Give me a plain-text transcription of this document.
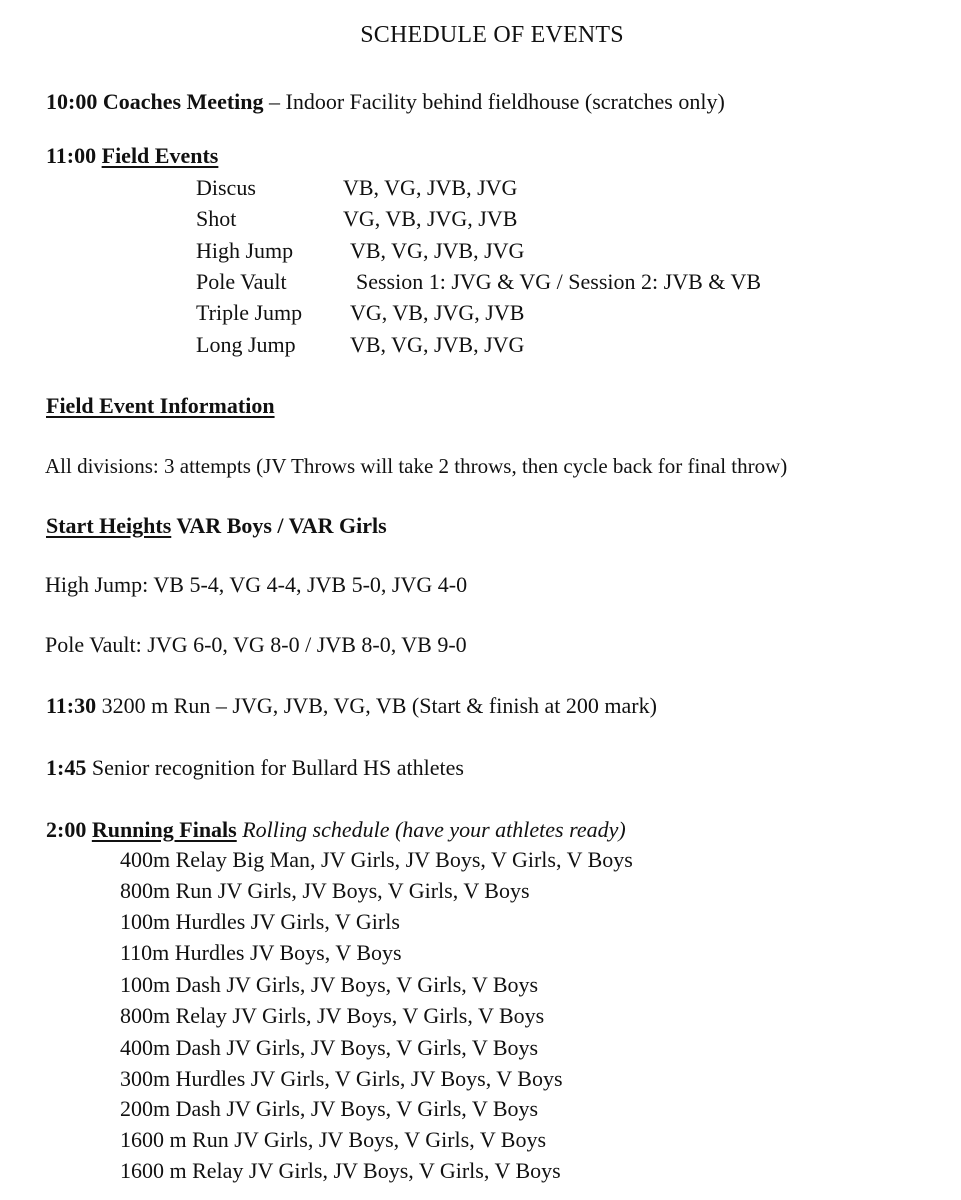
SCHEDULE OF EVENTS
10:00 Coaches Meeting – Indoor Facility behind fieldhouse (scratches only)
11:00 Field Events
Discus	VB, VG, JVB, JVG
Shot	VG, VB, JVG, JVB
High Jump	VB, VG, JVB, JVG
Pole Vault	Session 1: JVG & VG / Session 2: JVB & VB
Triple Jump VG, VB, JVG, JVB
Long Jump VB, VG, JVB, JVG
Field Event Information
All divisions: 3 attempts (JV Throws will take 2 throws, then cycle back for final throw)
Start Heights VAR Boys / VAR Girls
High Jump: VB 5-4, VG 4-4, JVB 5-0, JVG 4-0
Pole Vault: JVG 6-0, VG 8-0 / JVB 8-0, VB 9-0
11:30 3200 m Run – JVG, JVB, VG, VB (Start & finish at 200 mark)
1:45 Senior recognition for Bullard HS athletes
2:00 Running Finals Rolling schedule (have your athletes ready)
400m Relay Big Man, JV Girls, JV Boys, V Girls, V Boys
800m Run JV Girls, JV Boys, V Girls, V Boys
100m Hurdles JV Girls, V Girls
110m Hurdles JV Boys, V Boys
100m Dash JV Girls, JV Boys, V Girls, V Boys
800m Relay JV Girls, JV Boys, V Girls, V Boys
400m Dash JV Girls, JV Boys, V Girls, V Boys
300m Hurdles JV Girls, V Girls, JV Boys, V Boys
200m Dash JV Girls, JV Boys, V Girls, V Boys
1600 m Run JV Girls, JV Boys, V Girls, V Boys
1600 m Relay JV Girls, JV Boys, V Girls, V Boys
